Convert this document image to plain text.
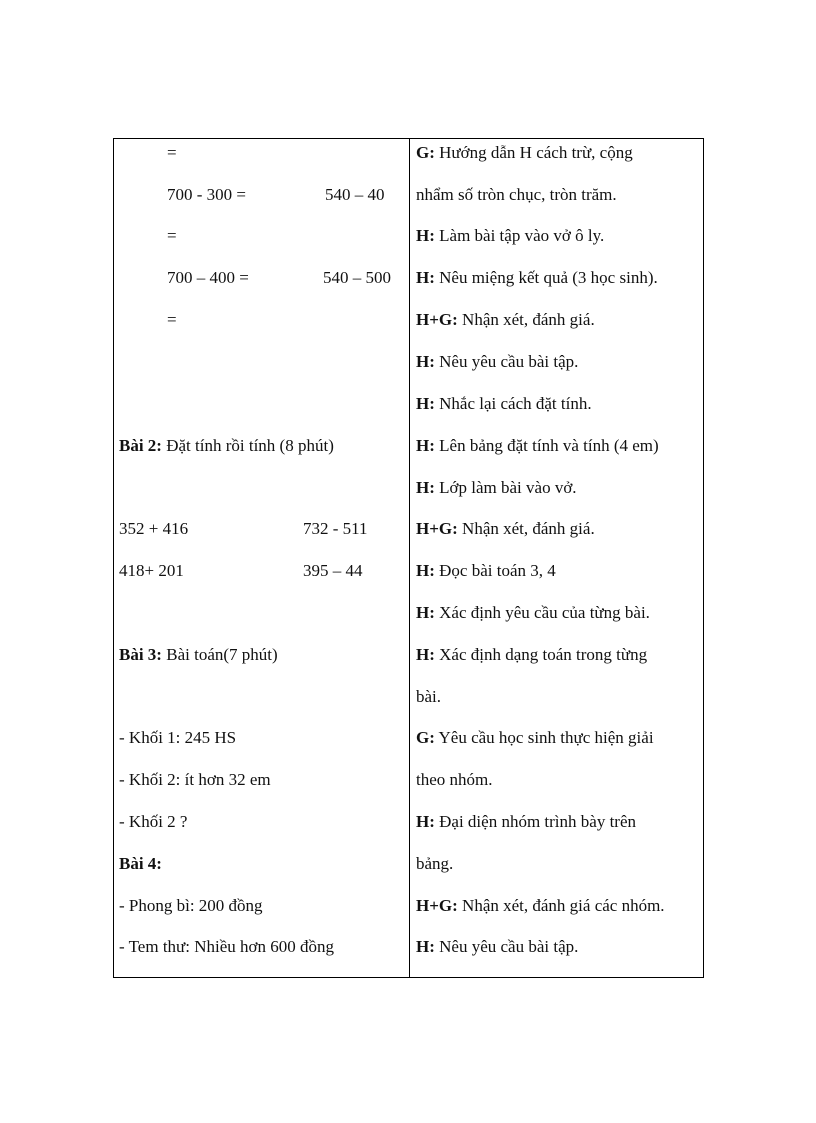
=
700 - 300 =	540 – 40
=
700 – 400 =	540 – 500
=
Bài 2: Đặt tính rồi tính (8 phút)
352 + 416	732 - 511
418+ 201	395 – 44
Bài 3: Bài toán(7 phút)
- Khối 1: 245 HS
- Khối 2: ít hơn 32 em
- Khối 2 ?
Bài 4:
- Phong bì: 200 đồng
- Tem thư: Nhiều hơn 600 đồng
G: Hướng dẫn H cách trừ, cộng
nhẩm số tròn chục, tròn trăm.
H: Làm bài tập vào vở ô ly.
H: Nêu miệng kết quả (3 học sinh).
H+G: Nhận xét, đánh giá.
H: Nêu yêu cầu bài tập.
H: Nhắc lại cách đặt tính.
H: Lên bảng đặt tính và tính (4 em)
H: Lớp làm bài vào vở.
H+G: Nhận xét, đánh giá.
H: Đọc bài toán 3, 4
H: Xác định yêu cầu của từng bài.
H: Xác định dạng toán trong từng
bài.
G: Yêu cầu học sinh thực hiện giải
theo nhóm.
H: Đại diện nhóm trình bày trên
bảng.
H+G: Nhận xét, đánh giá các nhóm.
H: Nêu yêu cầu bài tập.
